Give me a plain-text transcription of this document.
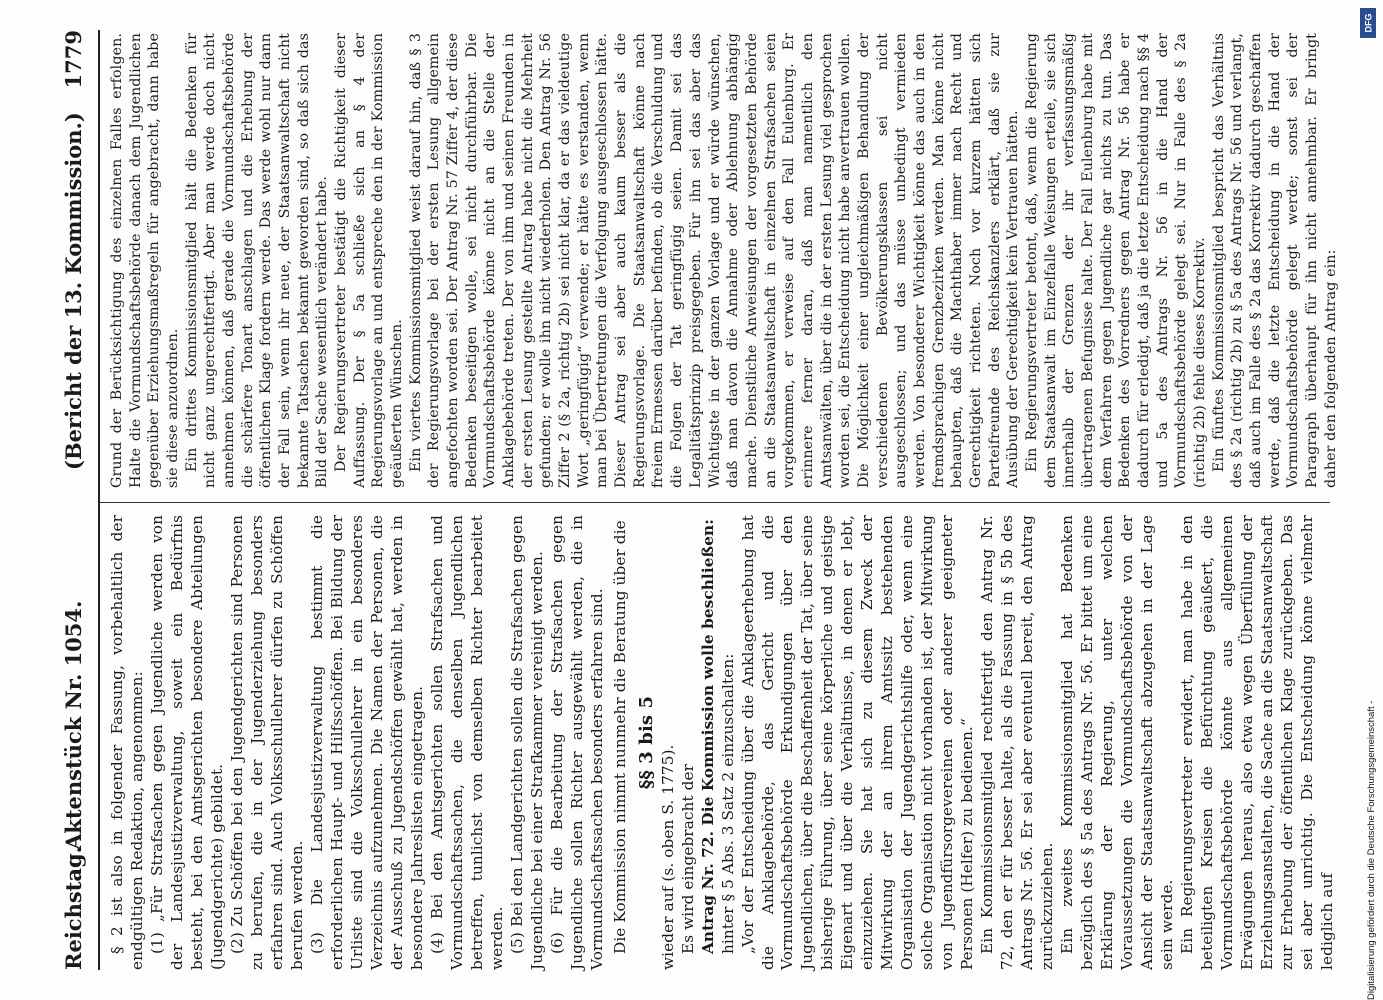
Reichstag.
Aktenstück Nr. 1054.
(Bericht der 13. Kommission.)
1779

§ 2 ist also in folgender Fassung, vorbehaltlich der endgültigen Redaktion, angenommen: (1) „Für Strafsachen gegen Jugendliche werden von der Landesjustizverwaltung, soweit ein Bedürfnis besteht, bei den Amtsgerichten besondere Abteilungen (Jugendgerichte) gebildet. (2) Zu Schöffen bei den Jugendgerichten sind Personen zu berufen, die in der Jugenderziehung besonders erfahren sind. Auch Volksschullehrer dürfen zu Schöffen berufen werden. (3) Die Landesjustizverwaltung bestimmt die erforderlichen Haupt- und Hilfsschöffen. Bei Bildung der Urliste sind die Volksschullehrer in ein besonderes Verzeichnis aufzunehmen. Die Namen der Personen, die der Ausschuß zu Jugendschöffen gewählt hat, werden in besondere Jahreslisten eingetragen. (4) Bei den Amtsgerichten sollen Strafsachen und Vormundschaftssachen, die denselben Jugendlichen betreffen, tunlichst von demselben Richter bearbeitet werden. (5) Bei den Landgerichten sollen die Strafsachen gegen Jugendliche bei einer Strafkammer vereinigt werden. (6) Für die Bearbeitung der Strafsachen gegen Jugendliche sollen Richter ausgewählt werden, die in Vormundschaftssachen besonders erfahren sind. Die Kommission nimmt nunmehr die Beratung über die §§ 3 bis 5

wieder auf (s. oben S. 1775). Es wird eingebracht der Antrag Nr. 72. Die Kommission wolle beschließen: hinter § 5 Abs. 3 Satz 2 einzuschalten: „Vor der Entscheidung über die Anklageerhebung hat die Anklagebehörde, das Gericht und die Vormundschaftsbehörde Erkundigungen über den Jugendlichen, über die Beschaffenheit der Tat, über seine bisherige Führung, über seine körperliche und geistige Eigenart und über die Verhältnisse, in denen er lebt, einzuziehen. Sie hat sich zu diesem Zweck der Mitwirkung der an ihrem Amtssitz bestehenden Organisation der Jugendgerichtshilfe oder, wenn eine solche Organisation nicht vorhanden ist, der Mitwirkung von Jugendfürsorgevereinen oder anderer geeigneter Personen (Helfer) zu bedienen.“ Ein Kommissionsmitglied rechtfertigt den Antrag Nr. 72, den er für besser halte, als die Fassung in § 5b des Antrags Nr. 56. Er sei aber eventuell bereit, den Antrag zurückzuziehen. Ein zweites Kommissionsmitglied hat Bedenken bezüglich des § 5a des Antrags Nr. 56. Er bittet um eine Erklärung der Regierung, unter welchen Voraussetzungen die Vormundschaftsbehörde von der Ansicht der Staatsanwaltschaft abzugehen in der Lage sein werde. Ein Regierungsvertreter erwidert, man habe in den beteiligten Kreisen die Befürchtung geäußert, die Vormundschaftsbehörde könnte aus allgemeinen Erwägungen heraus, also etwa wegen Überfüllung der Erziehungsanstalten, die Sache an die Staatsanwaltschaft zur Erhebung der öffentlichen Klage zurückgeben. Das sei aber unrichtig. Die Entscheidung könne vielmehr lediglich auf

Grund der Berücksichtigung des einzelnen Falles erfolgen. Halte die Vormundschaftsbehörde danach dem Jugendlichen gegenüber Erziehungsmaßregeln für angebracht, dann habe sie diese anzuordnen. Ein drittes Kommissionsmitglied hält die Bedenken für nicht ganz ungerechtfertigt. Aber man werde doch nicht annehmen können, daß gerade die Vormundschaftsbehörde die schärfere Tonart anschlagen und die Erhebung der öffentlichen Klage fordern werde. Das werde wohl nur dann der Fall sein, wenn ihr neue, der Staatsanwaltschaft nicht bekannte Tatsachen bekannt geworden sind, so daß sich das Bild der Sache wesentlich verändert habe. Der Regierungsvertreter bestätigt die Richtigkeit dieser Auffassung. Der § 5a schließe sich an § 4 der Regierungsvorlage an und entspreche den in der Kommission geäußerten Wünschen. Ein viertes Kommissionsmitglied weist darauf hin, daß § 3 der Regierungsvorlage bei der ersten Lesung allgemein angefochten worden sei. Der Antrag Nr. 57 Ziffer 4, der diese Bedenken beseitigen wolle, sei nicht durchführbar. Die Vormundschaftsbehörde könne nicht an die Stelle der Anklagebehörde treten. Der von ihm und seinen Freunden in der ersten Lesung gestellte Antrag habe nicht die Mehrheit gefunden; er wolle ihn nicht wiederholen. Den Antrag Nr. 56 Ziffer 2 (§ 2a, richtig 2b) sei nicht klar, da er das vieldeutige Wort „geringfügig“ verwende; er hätte es verstanden, wenn man bei Übertretungen die Verfolgung ausgeschlossen hätte. Dieser Antrag sei aber auch kaum besser als die Regierungsvorlage. Die Staatsanwaltschaft könne nach freiem Ermessen darüber befinden, ob die Verschuldung und die Folgen der Tat geringfügig seien. Damit sei das Legalitätsprinzip preisgegeben. Für ihn sei das aber das Wichtigste in der ganzen Vorlage und er würde wünschen, daß man davon die Annahme oder Ablehnung abhängig mache. Dienstliche Anweisungen der vorgesetzten Behörde an die Staatsanwaltschaft in einzelnen Strafsachen seien vorgekommen, er verweise auf den Fall Eulenburg. Er erinnere ferner daran, daß man namentlich den Amtsanwälten, über die in der ersten Lesung viel gesprochen worden sei, die Entscheidung nicht habe anvertrauen wollen. Die Möglichkeit einer ungleichmäßigen Behandlung der verschiedenen Bevölkerungsklassen sei nicht ausgeschlossen; und das müsse unbedingt vermieden werden. Von besonderer Wichtigkeit könne das auch in den fremdsprachigen Grenzbezirken werden. Man könne nicht behaupten, daß die Machthaber immer nach Recht und Gerechtigkeit richteten. Noch vor kurzem hätten sich Parteifreunde des Reichskanzlers erklärt, daß sie zur Ausübung der Gerechtigkeit kein Vertrauen hätten. Ein Regierungsvertreter betont, daß, wenn die Regierung dem Staatsanwalt im Einzelfalle Weisungen erteile, sie sich innerhalb der Grenzen der ihr verfassungsmäßig übertragenen Befugnisse halte. Der Fall Eulenburg habe mit dem Verfahren gegen Jugendliche gar nichts zu tun. Das Bedenken des Vorredners gegen Antrag Nr. 56 habe er dadurch für erledigt, daß ja die letzte Entscheidung nach §§ 4 und 5a des Antrags Nr. 56 in die Hand der Vormundschaftsbehörde gelegt sei. Nur in Falle des § 2a (richtig 2b) fehle dieses Korrektiv. Ein fünftes Kommissionsmitglied bespricht das Verhältnis des § 2a (richtig 2b) zu § 5a des Antrags Nr. 56 und verlangt, daß auch im Falle des § 2a das Korrektiv dadurch geschaffen werde, daß die letzte Entscheidung in die Hand der Vormundschaftsbehörde gelegt werde; sonst sei der Paragraph überhaupt für ihn nicht annehmbar. Er bringt daher den folgenden Antrag ein:

DFG
Digitalisierung gefördert durch die Deutsche Forschungsgemeinschaft -
